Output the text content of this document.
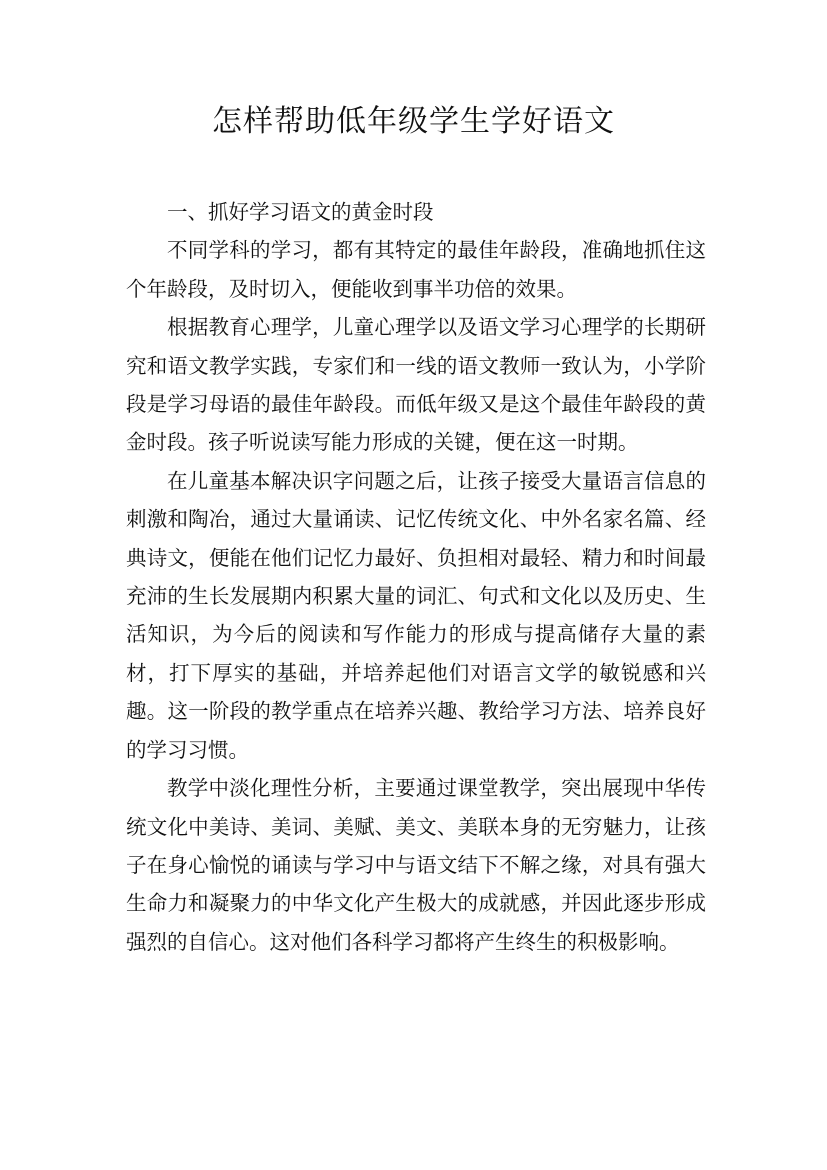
怎样帮助低年级学生学好语文

一、抓好学习语文的黄金时段

不同学科的学习，都有其特定的最佳年龄段，准确地抓住这个年龄段，及时切入，便能收到事半功倍的效果。

根据教育心理学，儿童心理学以及语文学习心理学的长期研究和语文教学实践，专家们和一线的语文教师一致认为，小学阶段是学习母语的最佳年龄段。而低年级又是这个最佳年龄段的黄金时段。孩子听说读写能力形成的关键，便在这一时期。

在儿童基本解决识字问题之后，让孩子接受大量语言信息的刺激和陶冶，通过大量诵读、记忆传统文化、中外名家名篇、经典诗文，便能在他们记忆力最好、负担相对最轻、精力和时间最充沛的生长发展期内积累大量的词汇、句式和文化以及历史、生活知识，为今后的阅读和写作能力的形成与提高储存大量的素材，打下厚实的基础，并培养起他们对语言文学的敏锐感和兴趣。这一阶段的教学重点在培养兴趣、教给学习方法、培养良好的学习习惯。

教学中淡化理性分析，主要通过课堂教学，突出展现中华传统文化中美诗、美词、美赋、美文、美联本身的无穷魅力，让孩子在身心愉悦的诵读与学习中与语文结下不解之缘，对具有强大生命力和凝聚力的中华文化产生极大的成就感，并因此逐步形成强烈的自信心。这对他们各科学习都将产生终生的积极影响。
